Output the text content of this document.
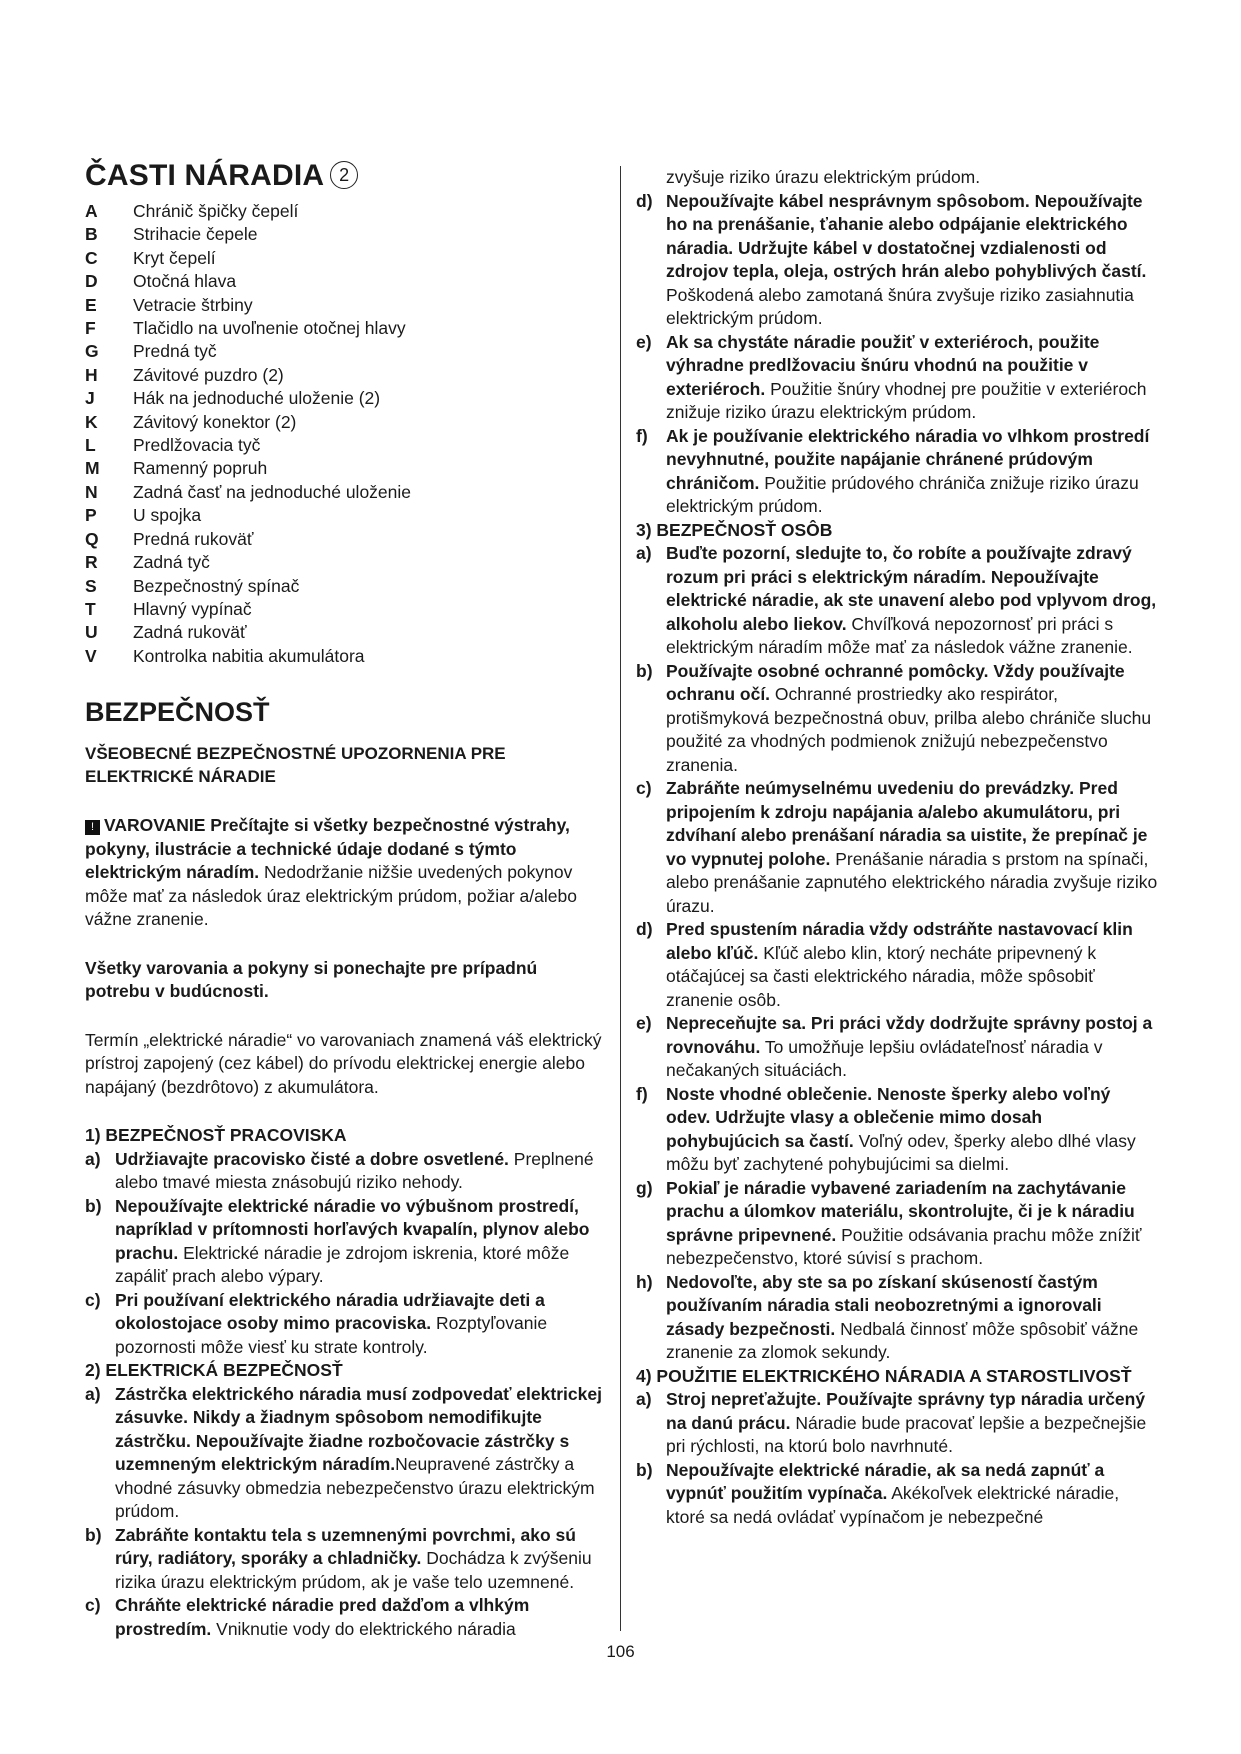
ČASTI NÁRADIA 2
A	Chránič špičky čepelí
B	Strihacie čepele
C	Kryt čepelí
D	Otočná hlava
E	Vetracie štrbiny
F	Tlačidlo na uvoľnenie otočnej hlavy
G	Predná tyč
H	Závitové puzdro (2)
J	Hák na jednoduché uloženie (2)
K	Závitový konektor (2)
L	Predlžovacia tyč
M	Ramenný popruh
N	Zadná časť na jednoduché uloženie
P	U spojka
Q	Predná rukoväť
R	Zadná tyč
S	Bezpečnostný spínač
T	Hlavný vypínač
U	Zadná rukoväť
V	Kontrolka nabitia akumulátora
BEZPEČNOSŤ
VŠEOBECNÉ BEZPEČNOSTNÉ UPOZORNENIA PRE ELEKTRICKÉ NÁRADIE

! VAROVANIE Prečítajte si všetky bezpečnostné výstrahy, pokyny, ilustrácie a technické údaje dodané s týmto elektrickým náradím. Nedodržanie nižšie uvedených pokynov môže mať za následok úraz elektrickým prúdom, požiar a/alebo vážne zranenie.

Všetky varovania a pokyny si ponechajte pre prípadnú potrebu v budúcnosti.

Termín „elektrické náradie“ vo varovaniach znamená váš elektrický prístroj zapojený (cez kábel) do prívodu elektrickej energie alebo napájaný (bezdrôtovo) z akumulátora.

1) BEZPEČNOSŤ PRACOVISKA
a) Udržiavajte pracovisko čisté a dobre osvetlené. Preplnené alebo tmavé miesta znásobujú riziko nehody.
b) Nepoužívajte elektrické náradie vo výbušnom prostredí, napríklad v prítomnosti horľavých kvapalín, plynov alebo prachu. Elektrické náradie je zdrojom iskrenia, ktoré môže zapáliť prach alebo výpary.
c) Pri používaní elektrického náradia udržiavajte deti a okolostojace osoby mimo pracoviska. Rozptyľovanie pozornosti môže viesť ku strate kontroly.
2) ELEKTRICKÁ BEZPEČNOSŤ
a) Zástrčka elektrického náradia musí zodpovedať elektrickej zásuvke. Nikdy a žiadnym spôsobom nemodifikujte zástrčku. Nepoužívajte žiadne rozbočovacie zástrčky s uzemneným elektrickým náradím.Neupravené zástrčky a vhodné zásuvky obmedzia nebezpečenstvo úrazu elektrickým prúdom.
b) Zabráňte kontaktu tela s uzemnenými povrchmi, ako sú rúry, radiátory, sporáky a chladničky. Dochádza k zvýšeniu rizika úrazu elektrickým prúdom, ak je vaše telo uzemnené.
c) Chráňte elektrické náradie pred dažďom a vlhkým prostredím. Vniknutie vody do elektrického náradia
zvyšuje riziko úrazu elektrickým prúdom.
d) Nepoužívajte kábel nesprávnym spôsobom. Nepoužívajte ho na prenášanie, ťahanie alebo odpájanie elektrického náradia. Udržujte kábel v dostatočnej vzdialenosti od zdrojov tepla, oleja, ostrých hrán alebo pohyblivých častí. Poškodená alebo zamotaná šnúra zvyšuje riziko zasiahnutia elektrickým prúdom.
e) Ak sa chystáte náradie použiť v exteriéroch, použite výhradne predlžovaciu šnúru vhodnú na použitie v exteriéroch. Použitie šnúry vhodnej pre použitie v exteriéroch znižuje riziko úrazu elektrickým prúdom.
f)	Ak je používanie elektrického náradia vo vlhkom prostredí nevyhnutné, použite napájanie chránené prúdovým chráničom. Použitie prúdového chrániča znižuje riziko úrazu elektrickým prúdom.
3) BEZPEČNOSŤ OSÔB
a) Buďte pozorní, sledujte to, čo robíte a používajte zdravý rozum pri práci s elektrickým náradím. Nepoužívajte elektrické náradie, ak ste unavení alebo pod vplyvom drog, alkoholu alebo liekov. Chvíľková nepozornosť pri práci s elektrickým náradím môže mať za následok vážne zranenie.
b) Používajte osobné ochranné pomôcky. Vždy používajte ochranu očí. Ochranné prostriedky ako respirátor, protišmyková bezpečnostná obuv, prilba alebo chrániče sluchu použité za vhodných podmienok znižujú nebezpečenstvo zranenia.
c) Zabráňte neúmyselnému uvedeniu do prevádzky. Pred pripojením k zdroju napájania a/alebo akumulátoru, pri zdvíhaní alebo prenášaní náradia sa uistite, že prepínač je vo vypnutej polohe. Prenášanie náradia s prstom na spínači, alebo prenášanie zapnutého elektrického náradia zvyšuje riziko úrazu.
d) Pred spustením náradia vždy odstráňte nastavovací klin alebo kľúč. Kľúč alebo klin, ktorý necháte pripevnený k otáčajúcej sa časti elektrického náradia, môže spôsobiť zranenie osôb.
e) Nepreceňujte sa. Pri práci vždy dodržujte správny postoj a rovnováhu. To umožňuje lepšiu ovládateľnosť náradia v nečakaných situáciách.
f)	Noste vhodné oblečenie. Nenoste šperky alebo voľný odev. Udržujte vlasy a oblečenie mimo dosah pohybujúcich sa častí. Voľný odev, šperky alebo dlhé vlasy môžu byť zachytené pohybujúcimi sa dielmi.
g) Pokiaľ je náradie vybavené zariadením na zachytávanie prachu a úlomkov materiálu, skontrolujte, či je k náradiu správne pripevnené. Použitie odsávania prachu môže znížiť nebezpečenstvo, ktoré súvisí s prachom.
h) Nedovoľte, aby ste sa po získaní skúseností častým používaním náradia stali neobozretnými a ignorovali zásady bezpečnosti. Nedbalá činnosť môže spôsobiť vážne zranenie za zlomok sekundy.
4) POUŽITIE ELEKTRICKÉHO NÁRADIA A STAROSTLIVOSŤ
a) Stroj nepreťažujte. Používajte správny typ náradia určený na danú prácu. Náradie bude pracovať lepšie a bezpečnejšie pri rýchlosti, na ktorú bolo navrhnuté.
b) Nepoužívajte elektrické náradie, ak sa nedá zapnúť a vypnúť použitím vypínača. Akékoľvek elektrické náradie, ktoré sa nedá ovládať vypínačom je nebezpečné
106
